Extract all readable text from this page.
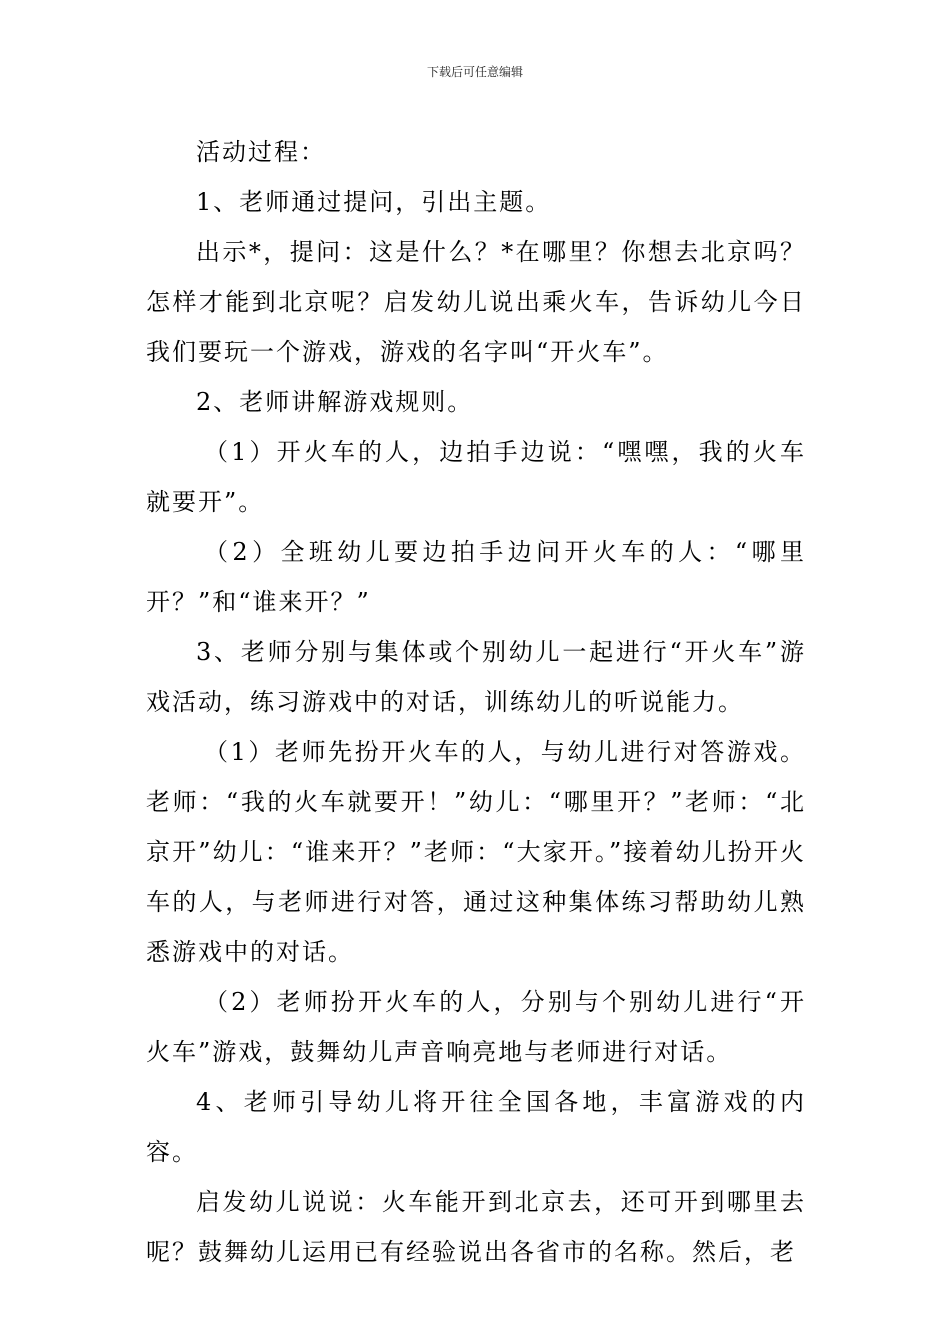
下载后可任意编辑

活动过程：

1、老师通过提问，引出主题。

出示*，提问：这是什么？*在哪里？你想去北京吗？怎样才能到北京呢？启发幼儿说出乘火车，告诉幼儿今日我们要玩一个游戏，游戏的名字叫“开火车”。

2、老师讲解游戏规则。

（1）开火车的人，边拍手边说：“嘿嘿，我的火车就要开”。

（2）全班幼儿要边拍手边问开火车的人：“哪里开？”和“谁来开？”

3、老师分别与集体或个别幼儿一起进行“开火车”游戏活动，练习游戏中的对话，训练幼儿的听说能力。

（1）老师先扮开火车的人，与幼儿进行对答游戏。老师：“我的火车就要开！”幼儿：“哪里开？”老师：“北京开”幼儿：“谁来开？”老师：“大家开。”接着幼儿扮开火车的人，与老师进行对答，通过这种集体练习帮助幼儿熟悉游戏中的对话。

（2）老师扮开火车的人，分别与个别幼儿进行“开火车”游戏，鼓舞幼儿声音响亮地与老师进行对话。

4、老师引导幼儿将开往全国各地，丰富游戏的内容。

启发幼儿说说：火车能开到北京去，还可开到哪里去呢？鼓舞幼儿运用已有经验说出各省市的名称。然后，老
